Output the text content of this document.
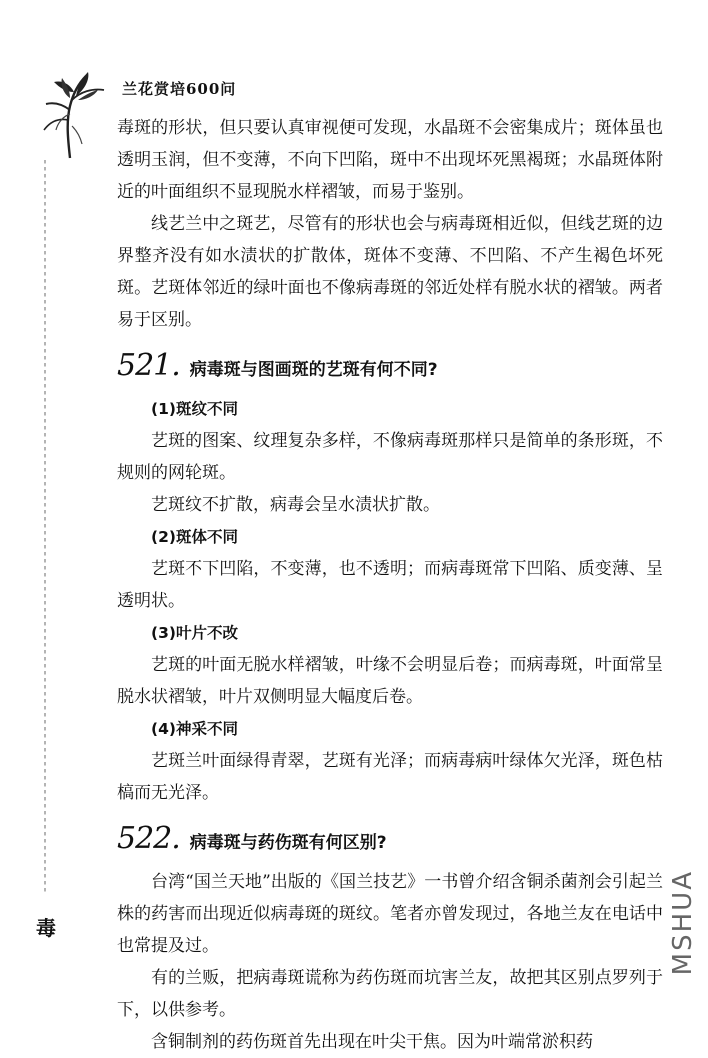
兰花赏培600问
毒

毒斑的形状，但只要认真审视便可发现，水晶斑不会密集成片；斑体虽也透明玉润，但不变薄，不向下凹陷，斑中不出现坏死黑褐斑；水晶斑体附近的叶面组织不显现脱水样褶皱，而易于鉴别。

线艺兰中之斑艺，尽管有的形状也会与病毒斑相近似，但线艺斑的边界整齐没有如水渍状的扩散体，斑体不变薄、不凹陷、不产生褐色坏死斑。艺斑体邻近的绿叶面也不像病毒斑的邻近处样有脱水状的褶皱。两者易于区别。

521. 病毒斑与图画斑的艺斑有何不同?

(1)斑纹不同

艺斑的图案、纹理复杂多样，不像病毒斑那样只是简单的条形斑，不规则的网轮斑。

艺斑纹不扩散，病毒会呈水渍状扩散。

(2)斑体不同

艺斑不下凹陷，不变薄，也不透明；而病毒斑常下凹陷、质变薄、呈透明状。

(3)叶片不改

艺斑的叶面无脱水样褶皱，叶缘不会明显后卷；而病毒斑，叶面常呈脱水状褶皱，叶片双侧明显大幅度后卷。

(4)神采不同

艺斑兰叶面绿得青翠，艺斑有光泽；而病毒病叶绿体欠光泽，斑色枯槁而无光泽。

522. 病毒斑与药伤斑有何区别?

台湾“国兰天地”出版的《国兰技艺》一书曾介绍含铜杀菌剂会引起兰株的药害而出现近似病毒斑的斑纹。笔者亦曾发现过，各地兰友在电话中也常提及过。

有的兰贩，把病毒斑谎称为药伤斑而坑害兰友，故把其区别点罗列于下，以供参考。

含铜制剂的药伤斑首先出现在叶尖干焦。因为叶端常淤积药

MSHUA
